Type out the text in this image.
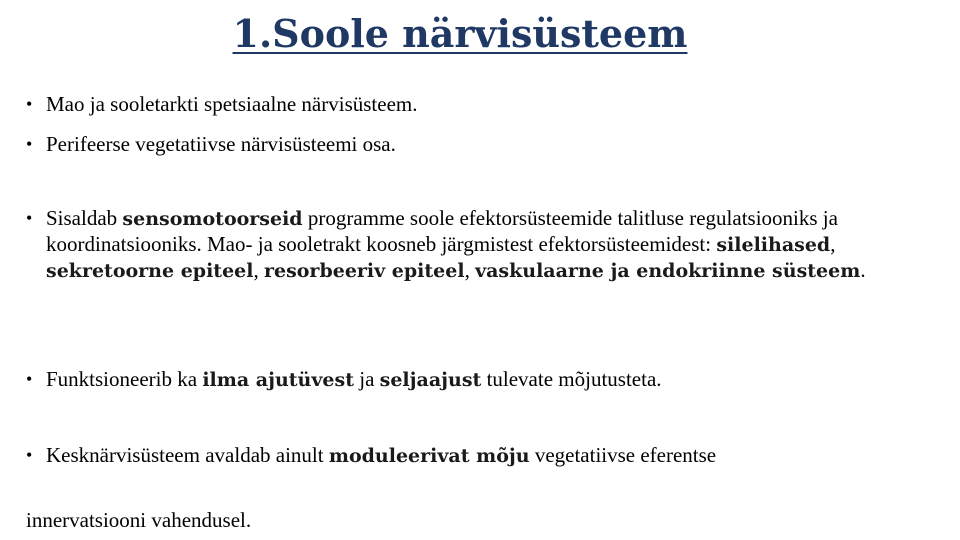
1.Soole närvisüsteem

• Mao ja sooletarkti spetsiaalne närvisüsteem.

• Perifeerse vegetatiivse närvisüsteemi osa.

• Sisaldab sensomotoorseid programme soole efektorsüsteemide talitluse regulatsiooniks ja koordinatsiooniks. Mao- ja sooletrakt koosneb järgmistest efektorsüsteemidest: silelihased, sekretoorne epiteel, resorbeeriv epiteel, vaskulaarne ja endokriinne süsteem.

• Funktsioneerib ka ilma ajutüvest ja seljaajust tulevate mõjutusteta.

• Kesknärvisüsteem avaldab ainult moduleerivat mõju vegetatiivse eferentse

innervatsiooni vahendusel.
